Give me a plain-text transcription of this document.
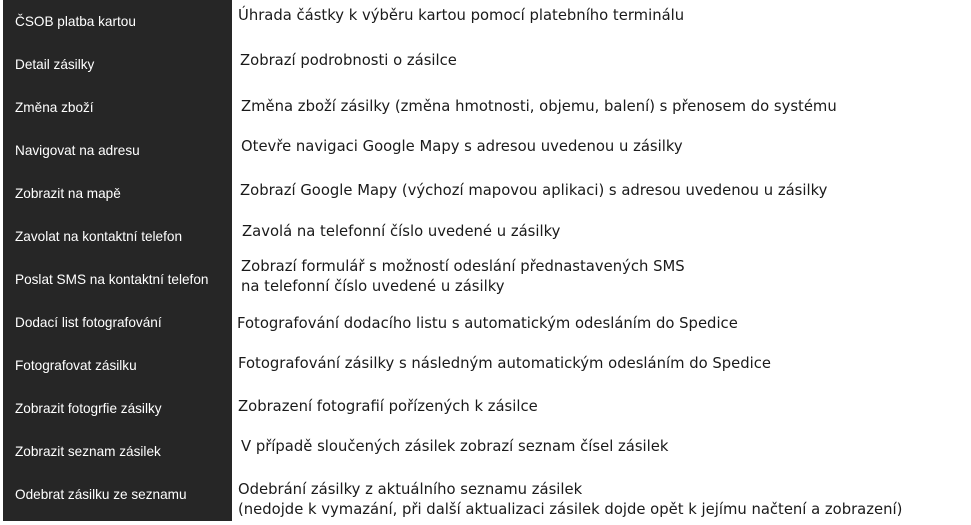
ČSOB platba kartou
Detail zásilky
Změna zboží
Navigovat na adresu
Zobrazit na mapě
Zavolat na kontaktní telefon
Poslat SMS na kontaktní telefon
Dodací list fotografování
Fotografovat zásilku
Zobrazit fotogrfie zásilky
Zobrazit seznam zásilek
Odebrat zásilku ze seznamu
Úhrada částky k výběru kartou pomocí platebního terminálu
Zobrazí podrobnosti o zásilce
Změna zboží zásilky (změna hmotnosti, objemu, balení) s přenosem do systému
Otevře navigaci Google Mapy s adresou uvedenou u zásilky
Zobrazí Google Mapy (výchozí mapovou aplikaci) s adresou uvedenou u zásilky
Zavolá na telefonní číslo uvedené u zásilky
Zobrazí formulář s možností odeslání přednastavených SMS
na telefonní číslo uvedené u zásilky
Fotografování dodacího listu s automatickým odesláním do Spedice
Fotografování zásilky s následným automatickým odesláním do Spedice
Zobrazení fotografií pořízených k zásilce
V případě sloučených zásilek zobrazí seznam čísel zásilek
Odebrání zásilky z aktuálního seznamu zásilek
(nedojde k vymazání, při další aktualizaci zásilek dojde opět k jejímu načtení a zobrazení)
